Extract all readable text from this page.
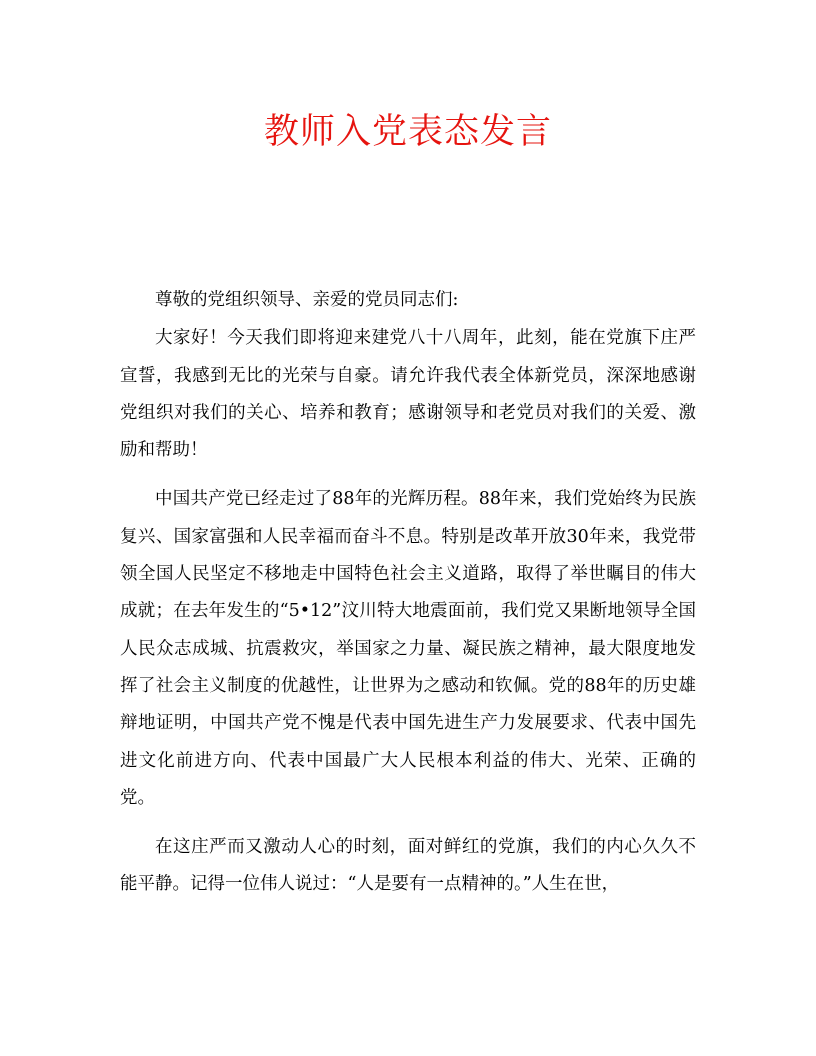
教师入党表态发言

尊敬的党组织领导、亲爱的党员同志们:

大家好！今天我们即将迎来建党八十八周年，此刻，能在党旗下庄严宣誓，我感到无比的光荣与自豪。请允许我代表全体新党员，深深地感谢党组织对我们的关心、培养和教育；感谢领导和老党员对我们的关爱、激励和帮助！

中国共产党已经走过了88年的光辉历程。88年来，我们党始终为民族复兴、国家富强和人民幸福而奋斗不息。特别是改革开放30年来，我党带领全国人民坚定不移地走中国特色社会主义道路，取得了举世瞩目的伟大成就；在去年发生的“5•12”汶川特大地震面前，我们党又果断地领导全国人民众志成城、抗震救灾，举国家之力量、凝民族之精神，最大限度地发挥了社会主义制度的优越性，让世界为之感动和钦佩。党的88年的历史雄辩地证明，中国共产党不愧是代表中国先进生产力发展要求、代表中国先进文化前进方向、代表中国最广大人民根本利益的伟大、光荣、正确的党。

在这庄严而又激动人心的时刻，面对鲜红的党旗，我们的内心久久不能平静。记得一位伟人说过：“人是要有一点精神的。”人生在世，
